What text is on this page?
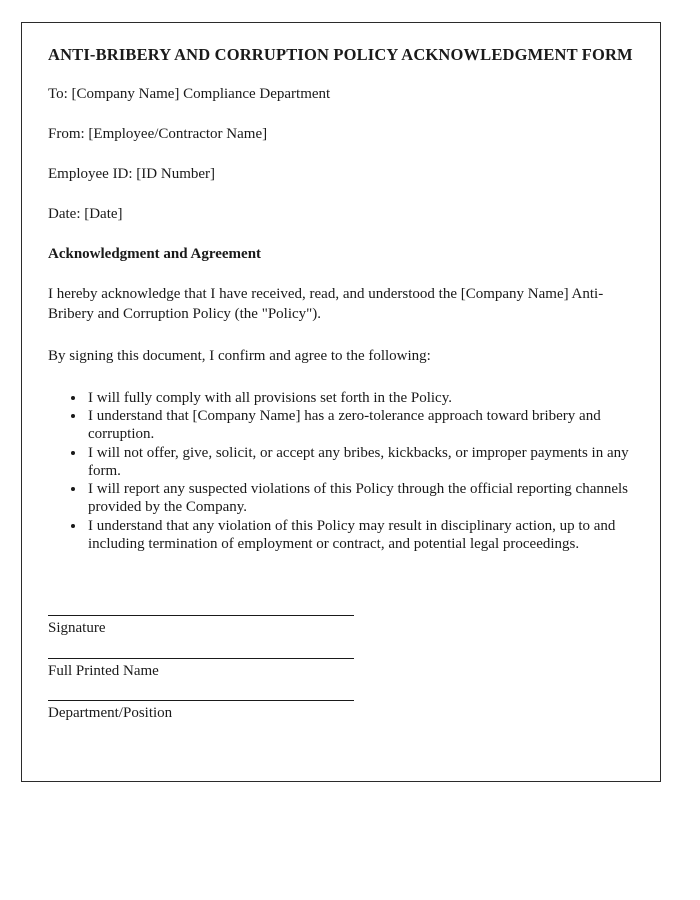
ANTI-BRIBERY AND CORRUPTION POLICY ACKNOWLEDGMENT FORM
To: [Company Name] Compliance Department
From: [Employee/Contractor Name]
Employee ID: [ID Number]
Date: [Date]
Acknowledgment and Agreement

I hereby acknowledge that I have received, read, and understood the [Company Name] Anti-Bribery and Corruption Policy (the "Policy").

By signing this document, I confirm and agree to the following:

• I will fully comply with all provisions set forth in the Policy.
• I understand that [Company Name] has a zero-tolerance approach toward bribery and corruption.
• I will not offer, give, solicit, or accept any bribes, kickbacks, or improper payments in any form.
• I will report any suspected violations of this Policy through the official reporting channels provided by the Company.
• I understand that any violation of this Policy may result in disciplinary action, up to and including termination of employment or contract, and potential legal proceedings.
Signature
Full Printed Name
Department/Position
